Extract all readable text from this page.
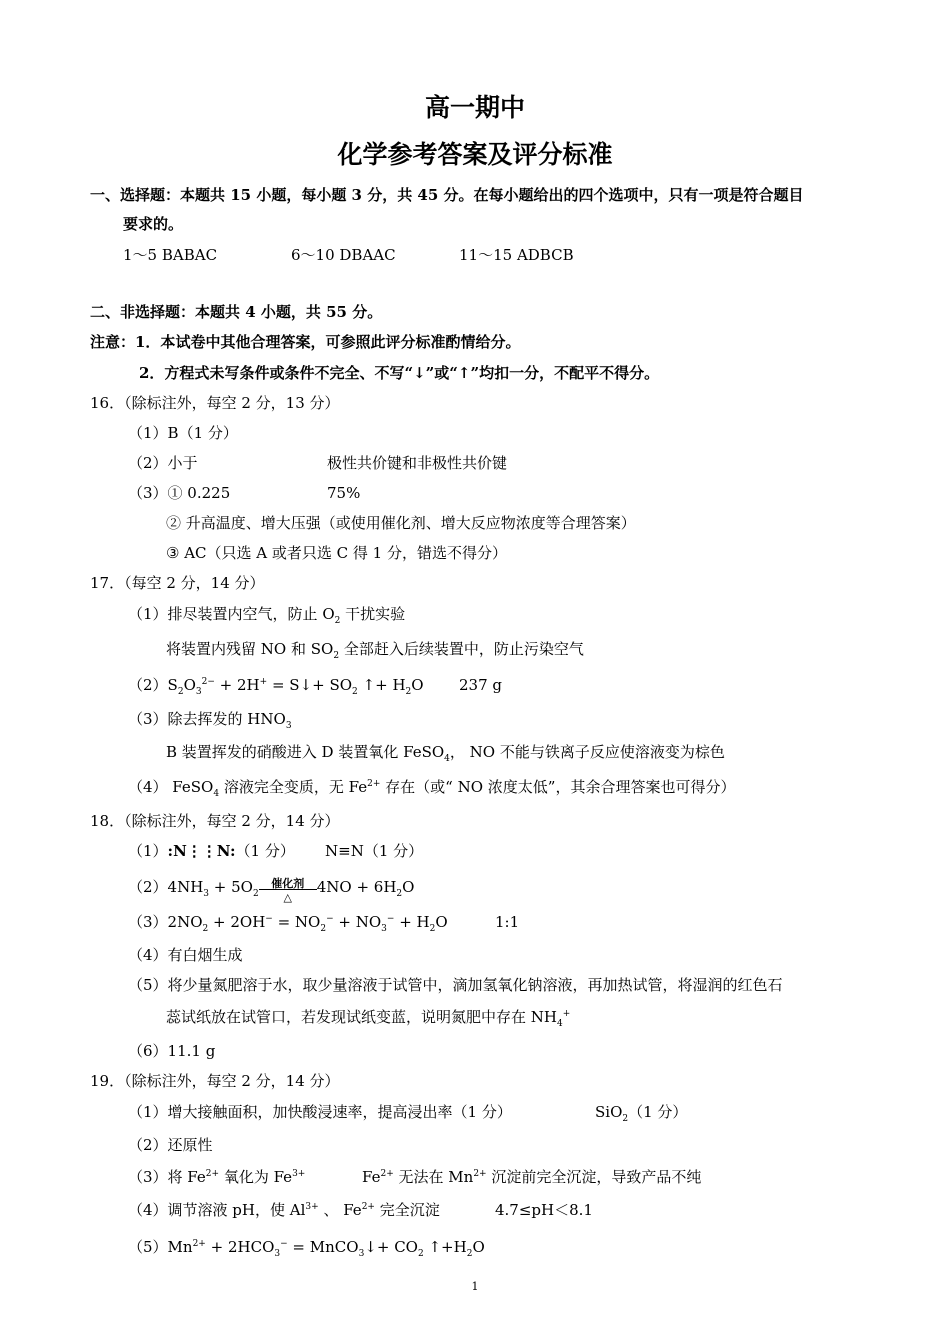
高一期中
化学参考答案及评分标准
一、选择题：本题共 15 小题，每小题 3 分，共 45 分。在每小题给出的四个选项中，只有一项是符合题目
要求的。
1～5 BABAC	6～10 DBAAC	11～15 ADBCB
二、非选择题：本题共 4 小题，共 55 分。
注意：1．本试卷中其他合理答案，可参照此评分标准酌情给分。
2．方程式未写条件或条件不完全、不写“↓”或“↑”均扣一分，不配平不得分。
16．（除标注外，每空 2 分，13 分）
（1）B（1 分）
（2）小于	极性共价键和非极性共价键
（3）① 0.225	75%
② 升高温度、增大压强（或使用催化剂、增大反应物浓度等合理答案）
③ AC（只选 A 或者只选 C 得 1 分，错选不得分）
17．（每空 2 分，14 分）
（1）排尽装置内空气，防止 $O_2$ 干扰实验
将装置内残留 NO 和 $SO_2$ 全部赶入后续装置中，防止污染空气
$(2)S_2O_3^{2-} + 2H^+$ = S↓+ $SO_2$ ↑+ $H_2O$ 237 g
（3）除去挥发的 $HNO_3$
B 装置挥发的硝酸进入 D 装置氧化 FeSO$_4$， NO 不能与铁离子反应使溶液变为棕色
（4） FeSO$_4$ 溶液完全变质，无 $Fe^{2+}$ 存在（或“ NO 浓度太低”，其余合理答案也可得分）
18．（除标注外，每空 2 分，14 分）
（1）:N⋮⋮N:（1 分） N≡N（1 分）
$(2)4NH_3 + 5O_2$
催化剂
△
$4NO + 6H_2O$
$(3)2NO_2 + 2OH^- = NO_2^- + NO_3^- + H_2O$	1:1
（4）有白烟生成
（5）将少量氮肥溶于水，取少量溶液于试管中，滴加氢氧化钠溶液，再加热试管，将湿润的红色石
蕊试纸放在试管口，若发现试纸变蓝，说明氮肥中存在 $NH_4^+$
（6）11.1 g
19．（除标注外，每空 2 分，14 分）
（1）增大接触面积，加快酸浸速率，提高浸出率（1 分）	SiO$_2$（1 分）
（2）还原性
（3）将 $Fe^{2+}$ 氧化为 $Fe^{3+}$	$Fe^{2+}$ 无法在 $Mn^{2+}$ 沉淀前完全沉淀，导致产品不纯
（4）调节溶液 pH，使 $Al^{3+}$ 、 $Fe^{2+}$ 完全沉淀	4.7≤pH＜8.1
$(5)Mn^{2+} + 2HCO_3^-$ = MnCO$_3$↓+ $CO_2$ $↑+H_2O$
1
